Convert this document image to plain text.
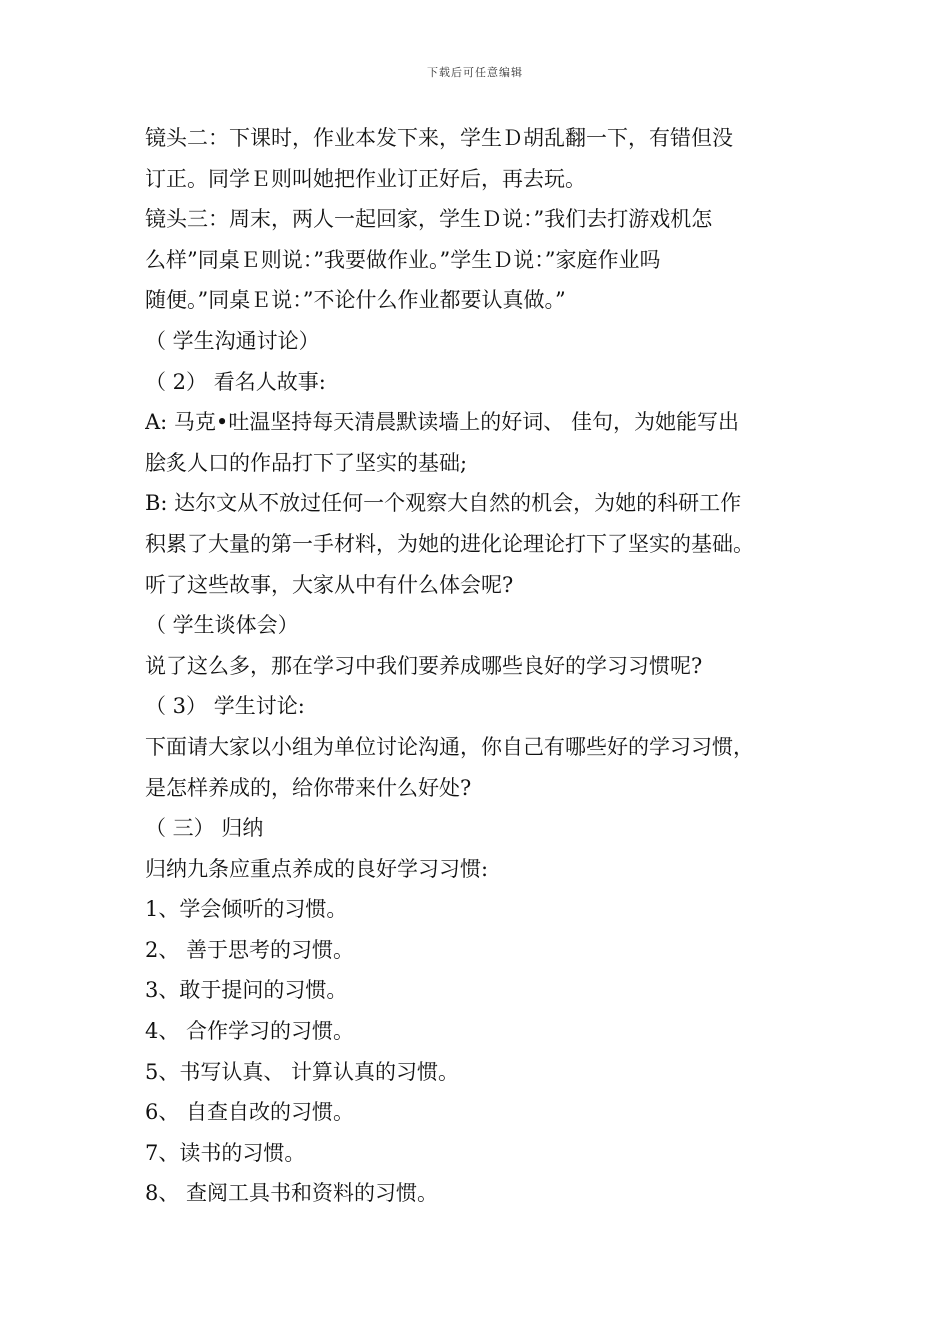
下载后可任意编辑
镜头二：下课时，作业本发下来，学生Ｄ胡乱翻一下，有错但没
订正。同学Ｅ则叫她把作业订正好后，再去玩。
镜头三：周末，两人一起回家，学生Ｄ说：”我们去打游戏机怎
么样”同桌Ｅ则说：”我要做作业。”学生Ｄ说：”家庭作业吗
随便。”同桌Ｅ说：”不论什么作业都要认真做。”
（ 学生沟通讨论）
（ 2） 看名人故事:
A: 马克•吐温坚持每天清晨默读墙上的好词、 佳句，为她能写出
脍炙人口的作品打下了坚实的基础;
B: 达尔文从不放过任何一个观察大自然的机会，为她的科研工作
积累了大量的第一手材料，为她的进化论理论打下了坚实的基础。
听了这些故事，大家从中有什么体会呢?
（ 学生谈体会）
说了这么多，那在学习中我们要养成哪些良好的学习习惯呢?
（ 3） 学生讨论:
下面请大家以小组为单位讨论沟通，你自己有哪些好的学习习惯，
是怎样养成的，给你带来什么好处?
（ 三） 归纳
归纳九条应重点养成的良好学习习惯:
1、学会倾听的习惯。
2、 善于思考的习惯。
3、敢于提问的习惯。
4、 合作学习的习惯。
5、书写认真、 计算认真的习惯。
6、 自查自改的习惯。
7、读书的习惯。
8、 查阅工具书和资料的习惯。
